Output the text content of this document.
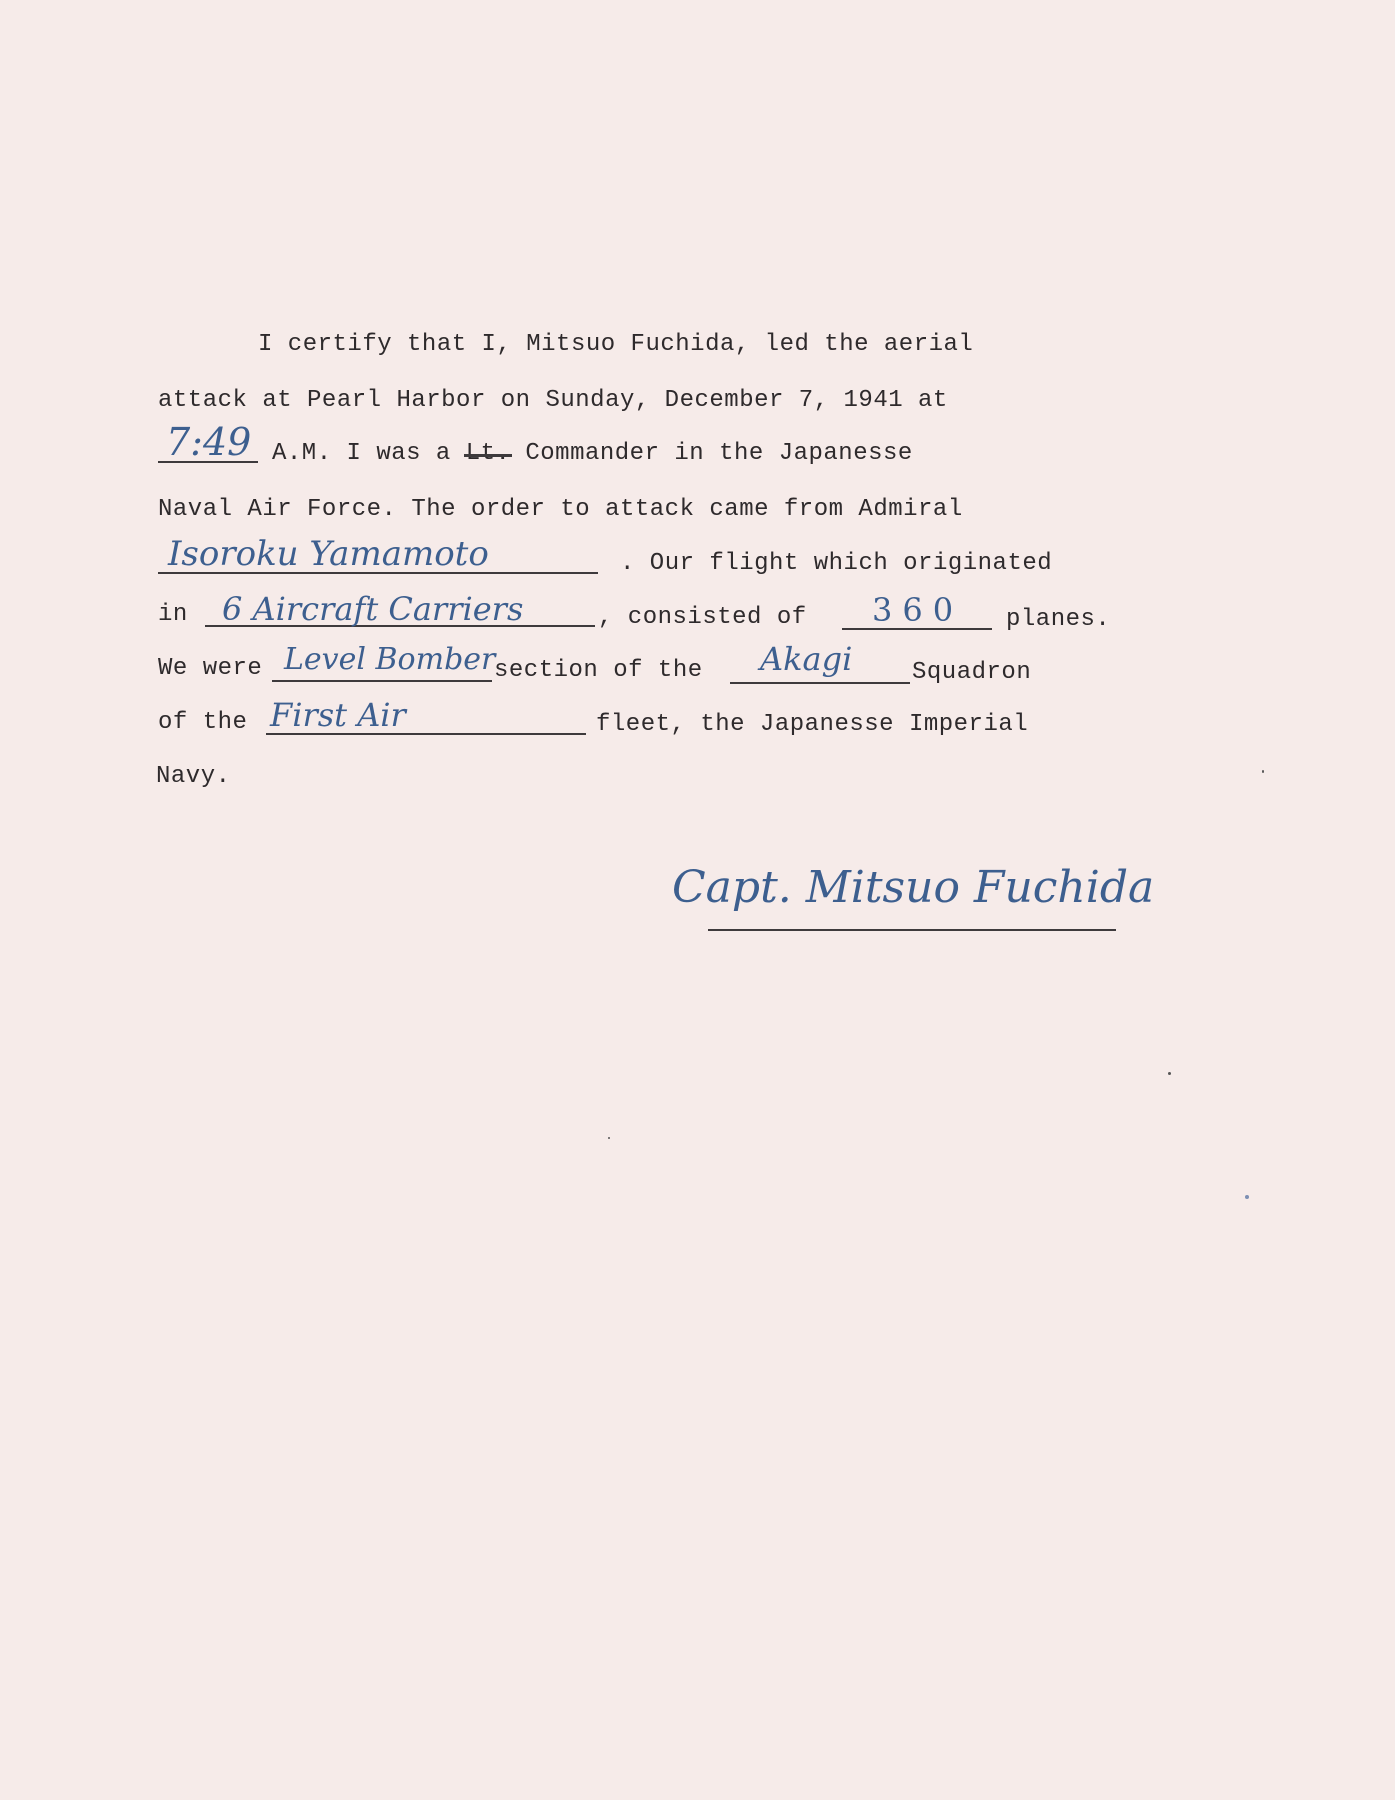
I certify that I, Mitsuo Fuchida, led the aerial
attack at Pearl Harbor on Sunday, December 7, 1941 at
7:49 A.M. I was a Lt. Commander in the Japanesse
Naval Air Force. The order to attack came from Admiral
Isoroku Yamamoto	. Our flight which originated
in 6 Aircraft Carriers	, consisted of 360 planes.
We were Level Bomber
section of the Akagi Squadron
of the First Air	fleet, the Japanesse Imperial
Navy.
Capt. Mitsuo Fuchida
